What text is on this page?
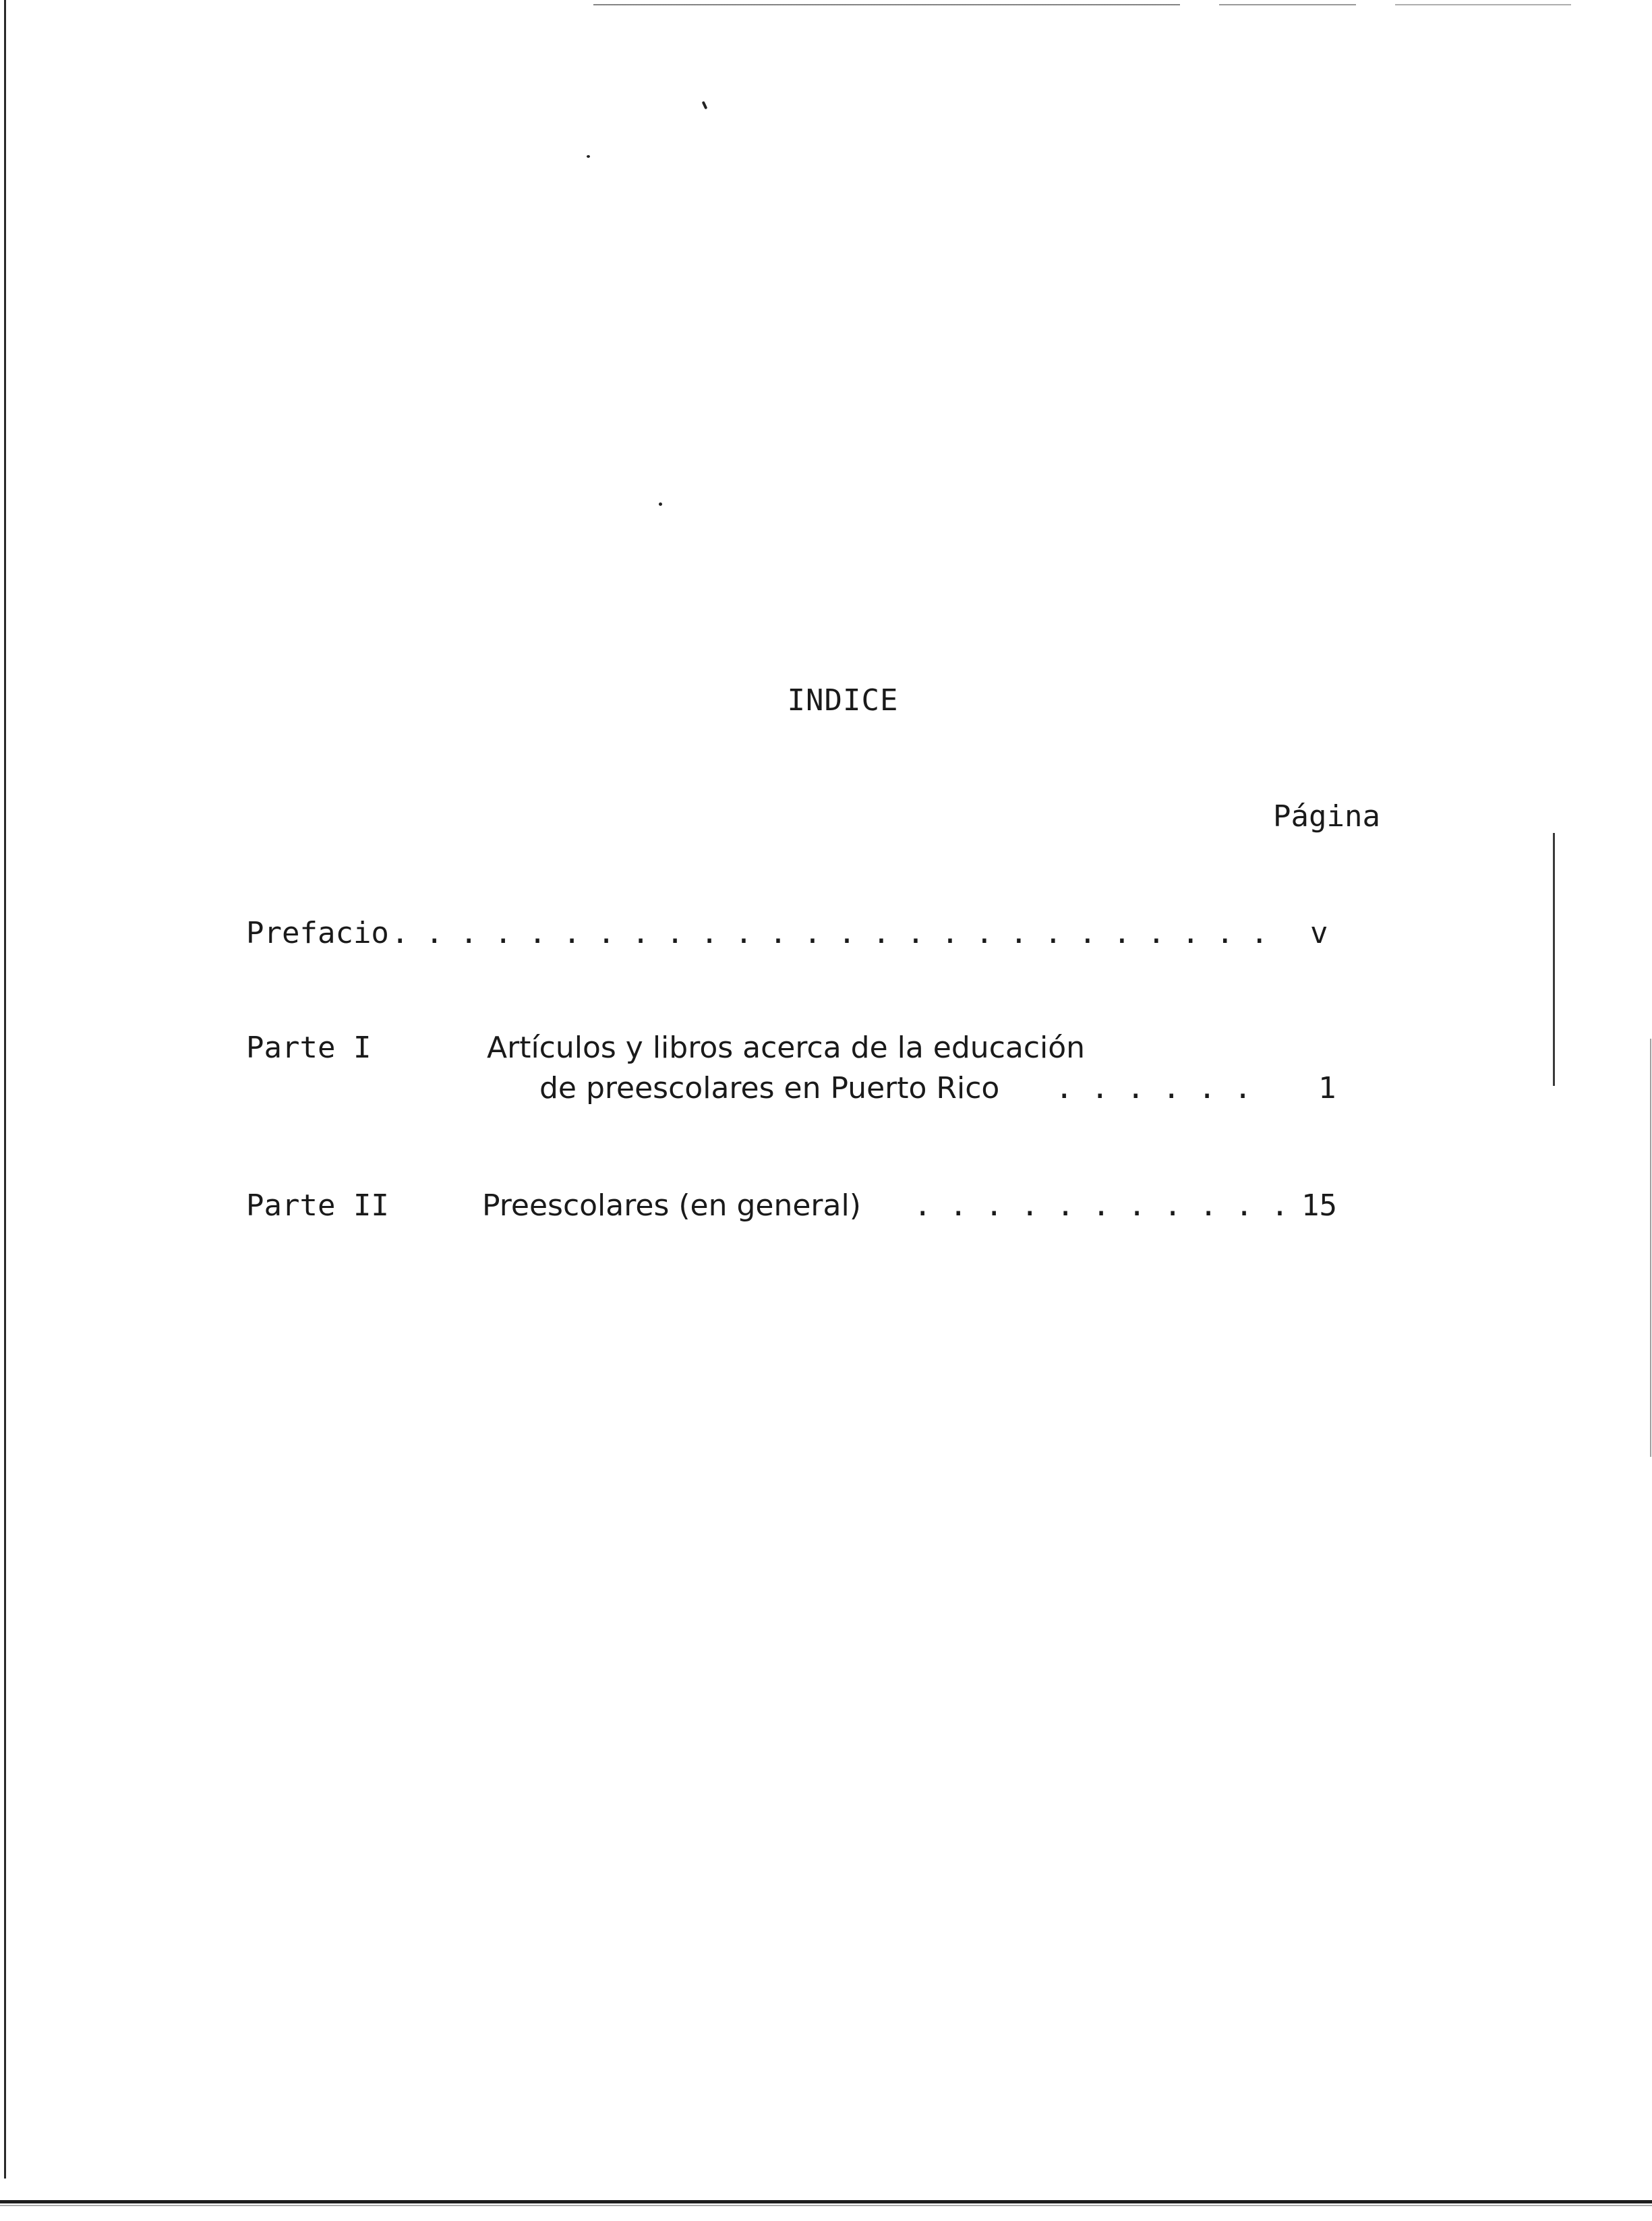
INDICE
Página
Prefacio . . . . . . . . . . . . . . . . . . . . . . . . . . v
Parte I	Artículos y libros acerca de la educación
de preescolares en Puerto Rico . . . . . . 1
Parte II	Preescolares (en general) . . . . . . . . . . . 15
